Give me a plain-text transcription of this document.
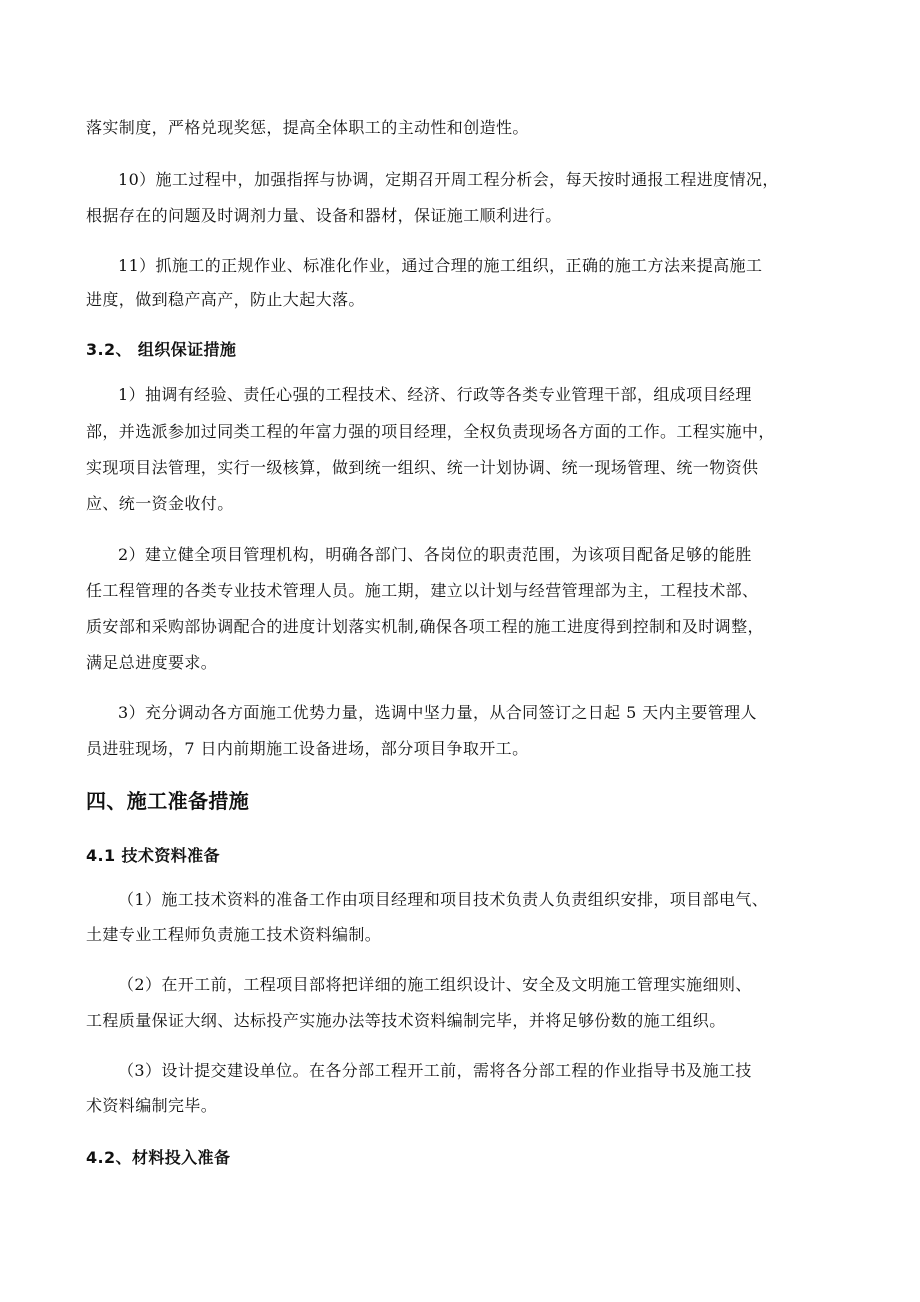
落实制度，严格兑现奖惩，提高全体职工的主动性和创造性。
10）施工过程中，加强指挥与协调，定期召开周工程分析会，每天按时通报工程进度情况，
根据存在的问题及时调剂力量、设备和器材，保证施工顺利进行。
11）抓施工的正规作业、标准化作业，通过合理的施工组织，正确的施工方法来提高施工
进度，做到稳产高产，防止大起大落。
3.2、 组织保证措施
1）抽调有经验、责任心强的工程技术、经济、行政等各类专业管理干部，组成项目经理
部，并选派参加过同类工程的年富力强的项目经理，全权负责现场各方面的工作。工程实施中，
实现项目法管理，实行一级核算，做到统一组织、统一计划协调、统一现场管理、统一物资供
应、统一资金收付。
2）建立健全项目管理机构，明确各部门、各岗位的职责范围，为该项目配备足够的能胜
任工程管理的各类专业技术管理人员。施工期，建立以计划与经营管理部为主，工程技术部、
质安部和采购部协调配合的进度计划落实机制,确保各项工程的施工进度得到控制和及时调整，
满足总进度要求。
3）充分调动各方面施工优势力量，选调中坚力量，从合同签订之日起 5 天内主要管理人
员进驻现场，7 日内前期施工设备进场，部分项目争取开工。
四、施工准备措施
4.1 技术资料准备
（1）施工技术资料的准备工作由项目经理和项目技术负责人负责组织安排，项目部电气、
土建专业工程师负责施工技术资料编制。
（2）在开工前，工程项目部将把详细的施工组织设计、安全及文明施工管理实施细则、
工程质量保证大纲、达标投产实施办法等技术资料编制完毕，并将足够份数的施工组织。
（3）设计提交建设单位。在各分部工程开工前，需将各分部工程的作业指导书及施工技
术资料编制完毕。
4.2、材料投入准备
